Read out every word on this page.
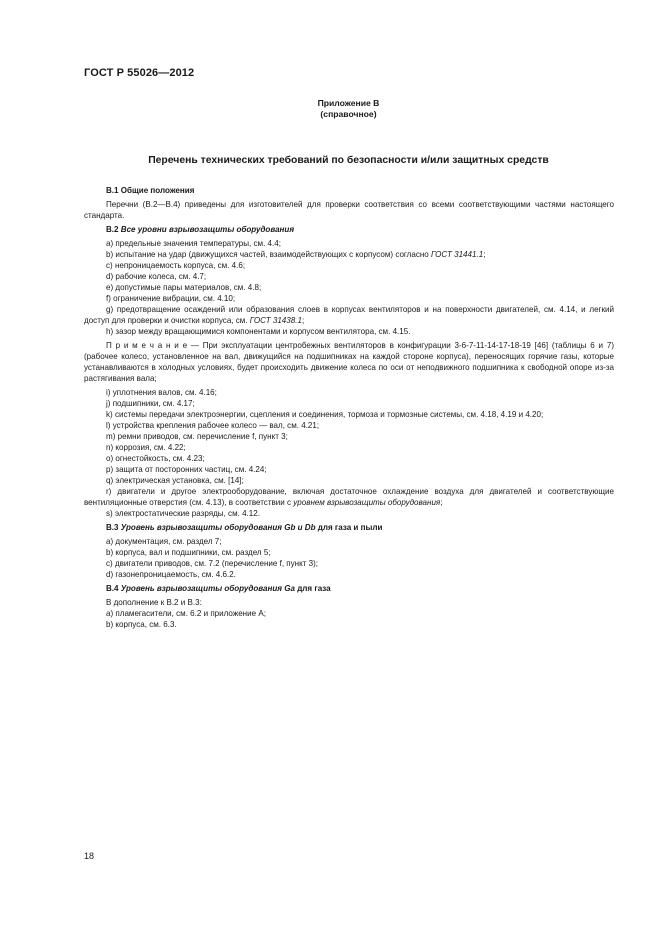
ГОСТ Р 55026—2012
Приложение В
(справочное)
Перечень технических требований по безопасности и/или защитных средств

В.1 Общие положения

Перечни (В.2—В.4) приведены для изготовителей для проверки соответствия со всеми соответствующими частями настоящего стандарта.

В.2 Все уровни взрывозащиты оборудования

a) предельные значения температуры, см. 4.4;

b) испытание на удар (движущихся частей, взаимодействующих с корпусом) согласно ГОСТ 31441.1;

c) непроницаемость корпуса, см. 4.6;

d) рабочие колеса, см. 4.7;

e) допустимые пары материалов, см. 4.8;

f) ограничение вибрации, см. 4.10;

g) предотвращение осаждений или образования слоев в корпусах вентиляторов и на поверхности двигателей, см. 4.14, и легкий доступ для проверки и очистки корпуса, см. ГОСТ 31438.1;

h) зазор между вращающимися компонентами и корпусом вентилятора, см. 4.15.

П р и м е ч а н и е — При эксплуатации центробежных вентиляторов в конфигурации 3-6-7-11-14-17-18-19 [46] (таблицы 6 и 7) (рабочее колесо, установленное на вал, движущийся на подшипниках на каждой стороне корпуса), переносящих горячие газы, которые устанавливаются в холодных условиях, будет происходить движение колеса по оси от неподвижного подшипника к свободной опоре из-за растягивания вала;

i) уплотнения валов, см. 4.16;

j) подшипники, см. 4.17;

k) системы передачи электроэнергии, сцепления и соединения, тормоза и тормозные системы, см. 4.18, 4.19 и 4.20;

l) устройства крепления рабочее колесо — вал, см. 4.21;

m) ремни приводов, см. перечисление f, пункт 3;

n) коррозия, см. 4.22;

o) огнестойкость, см. 4.23;

p) защита от посторонних частиц, см. 4.24;

q) электрическая установка, см. [14];

r) двигатели и другое электрооборудование, включая достаточное охлаждение воздуха для двигателей и соответствующие вентиляционные отверстия (см. 4.13), в соответствии с уровнем взрывозащиты оборудования;

s) электростатические разряды, см. 4.12.

В.3 Уровень взрывозащиты оборудования Gb и Db для газа и пыли

a) документация, см. раздел 7;

b) корпуса, вал и подшипники, см. раздел 5;

c) двигатели приводов, см. 7.2 (перечисление f, пункт 3);

d) газонепроницаемость, см. 4.6.2.

В.4 Уровень взрывозащиты оборудования Ga для газа

В дополнение к В.2 и В.3:

a) пламегасители, см. 6.2 и приложение А;

b) корпуса, см. 6.3.

18
